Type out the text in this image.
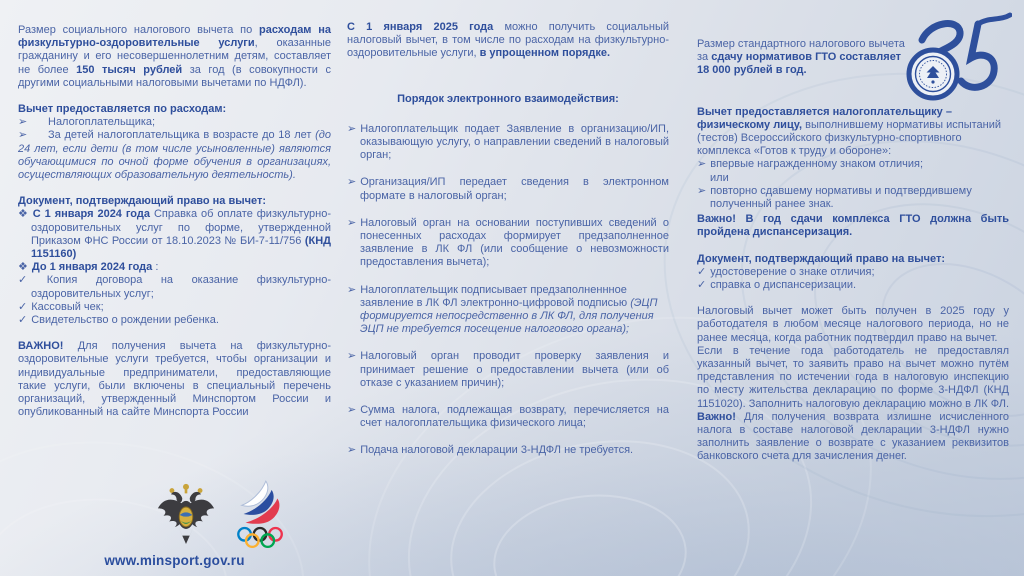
Размер социального налогового вычета по расходам на физкультурно-оздоровительные услуги, оказанные гражданину и его несовершеннолетним детям, составляет не более 150 тысяч рублей за год (в совокупности с другими социальными налоговыми вычетами по НДФЛ).
Вычет предоставляется по расходам:
➢ Налогоплательщика;
➢ За детей налогоплательщика в возрасте до 18 лет (до 24 лет, если дети (в том числе усыновленные) являются обучающимися по очной форме обучения в организациях, осуществляющих образовательную деятельность).
Документ, подтверждающий право на вычет:
❖ С 1 января 2024 года Справка об оплате физкультурно-оздоровительных услуг по форме, утвержденной Приказом ФНС России от 18.10.2023 № БИ-7-11/756 (КНД 1151160)
❖ До 1 января 2024 года :
✓ Копия договора на оказание физкультурно-оздоровительных услуг;
✓ Кассовый чек;
✓ Свидетельство о рождении ребенка.
ВАЖНО! Для получения вычета на физкультурно-оздоровительные услуги требуется, чтобы организации и индивидуальные предприниматели, предоставляющие такие услуги, были включены в специальный перечень организаций, утвержденный Минспортом России и опубликованный на сайте Минспорта России
С 1 января 2025 года можно получить социальный налоговый вычет, в том числе по расходам на физкультурно-оздоровительные услуги, в упрощенном порядке.
Порядок электронного взаимодействия:
➢ Налогоплательщик подает Заявление в организацию/ИП, оказывающую услугу, о направлении сведений в налоговый орган;
➢ Организация/ИП передает сведения в электронном формате в налоговый орган;
➢ Налоговый орган на основании поступивших сведений о понесенных расходах формирует предзаполненное заявление в ЛК ФЛ (или сообщение о невозможности предоставления вычета);
➢ Налогоплательщик подписывает предзаполненнное заявление в ЛК ФЛ электронно-цифровой подписью (ЭЦП формируется непосредственно в ЛК ФЛ, для получения ЭЦП не требуется посещение налогового органа);
➢ Налоговый орган проводит проверку заявления и принимает решение о предоставлении вычета (или об отказе с указанием причин);
➢ Сумма налога, подлежащая возврату, перечисляется на счет налогоплательщика физического лица;
➢ Подача налоговой декларации 3-НДФЛ не требуется.
Размер стандартного налогового вычета за сдачу нормативов ГТО составляет 18 000 рублей в год.
Вычет предоставляется налогоплательщику – физическому лицу, выполнившему нормативы испытаний (тестов) Всероссийского физкультурно-спортивного комплекса «Готов к труду и обороне»:
➢ впервые награжденному знаком отличия;
или
➢ повторно сдавшему нормативы и подтвердившему полученный ранее знак.
Важно! В год сдачи комплекса ГТО должна быть пройдена диспансеризация.
Документ, подтверждающий право на вычет:
✓ удостоверение о знаке отличия;
✓ справка о диспансеризации.
Налоговый вычет может быть получен в 2025 году у работодателя в любом месяце налогового периода, но не ранее месяца, когда работник подтвердил право на вычет.
Если в течение года работодатель не предоставлял указанный вычет, то заявить право на вычет можно путём представления по истечении года в налоговую инспекцию по месту жительства декларацию по форме 3-НДФЛ (КНД 1151020). Заполнить налоговую декларацию можно в ЛК ФЛ.
Важно! Для получения возврата излишне исчисленного налога в составе налоговой декларации 3-НДФЛ нужно заполнить заявление о возврате с указанием реквизитов банковского счета для зачисления денег.
www.minsport.gov.ru
